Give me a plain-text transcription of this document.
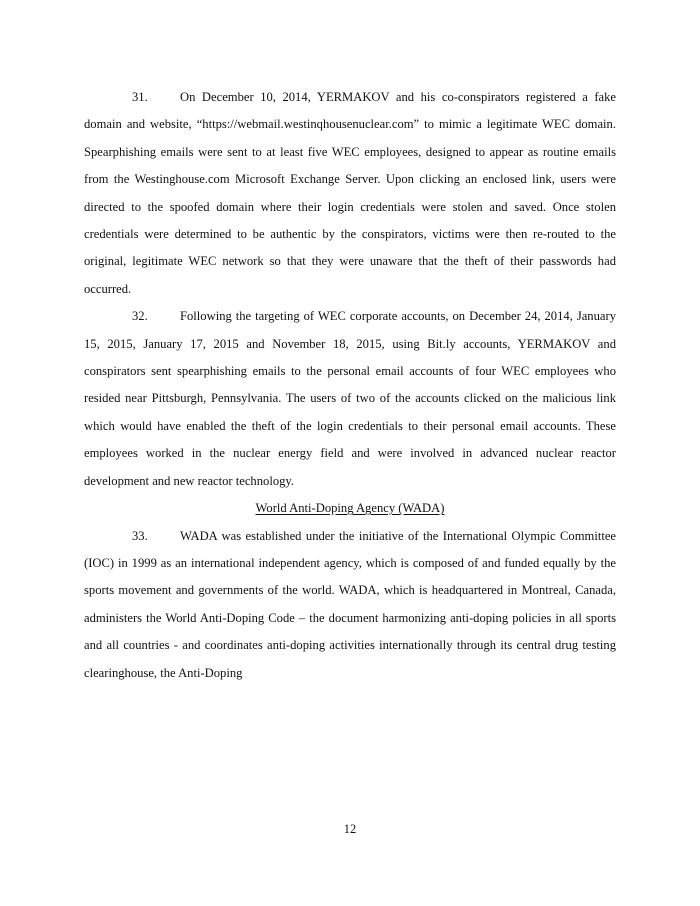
31.	On December 10, 2014, YERMAKOV and his co-conspirators registered a fake domain and website, “https://webmail.westinqhousenuclear.com” to mimic a legitimate WEC domain. Spearphishing emails were sent to at least five WEC employees, designed to appear as routine emails from the Westinghouse.com Microsoft Exchange Server. Upon clicking an enclosed link, users were directed to the spoofed domain where their login credentials were stolen and saved. Once stolen credentials were determined to be authentic by the conspirators, victims were then re-routed to the original, legitimate WEC network so that they were unaware that the theft of their passwords had occurred.

32.	Following the targeting of WEC corporate accounts, on December 24, 2014, January 15, 2015, January 17, 2015 and November 18, 2015, using Bit.ly accounts, YERMAKOV and conspirators sent spearphishing emails to the personal email accounts of four WEC employees who resided near Pittsburgh, Pennsylvania. The users of two of the accounts clicked on the malicious link which would have enabled the theft of the login credentials to their personal email accounts. These employees worked in the nuclear energy field and were involved in advanced nuclear reactor development and new reactor technology.

World Anti-Doping Agency (WADA)

33.	WADA was established under the initiative of the International Olympic Committee (IOC) in 1999 as an international independent agency, which is composed of and funded equally by the sports movement and governments of the world. WADA, which is headquartered in Montreal, Canada, administers the World Anti-Doping Code – the document harmonizing anti-doping policies in all sports and all countries - and coordinates anti-doping activities internationally through its central drug testing clearinghouse, the Anti-Doping

12
